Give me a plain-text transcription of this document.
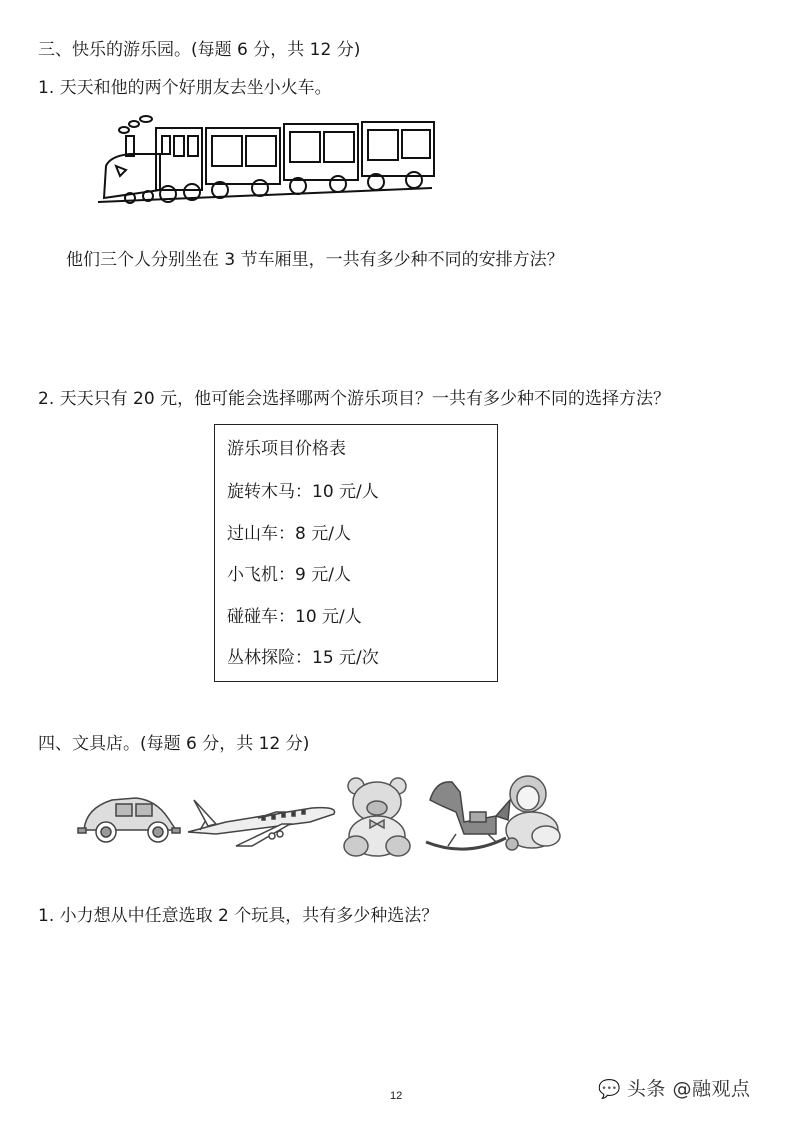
三、快乐的游乐园。(每题 6 分，共 12 分)
1. 天天和他的两个好朋友去坐小火车。
他们三个人分别坐在 3 节车厢里，一共有多少种不同的安排方法？
2. 天天只有 20 元，他可能会选择哪两个游乐项目？一共有多少种不同的选择方法？
游乐项目价格表
旋转木马：10 元/人
过山车：8 元/人
小飞机：9 元/人
碰碰车：10 元/人
丛林探险：15 元/次
四、文具店。(每题 6 分，共 12 分)
1. 小力想从中任意选取 2 个玩具，共有多少种选法？
12	💬 头条 @融观点
